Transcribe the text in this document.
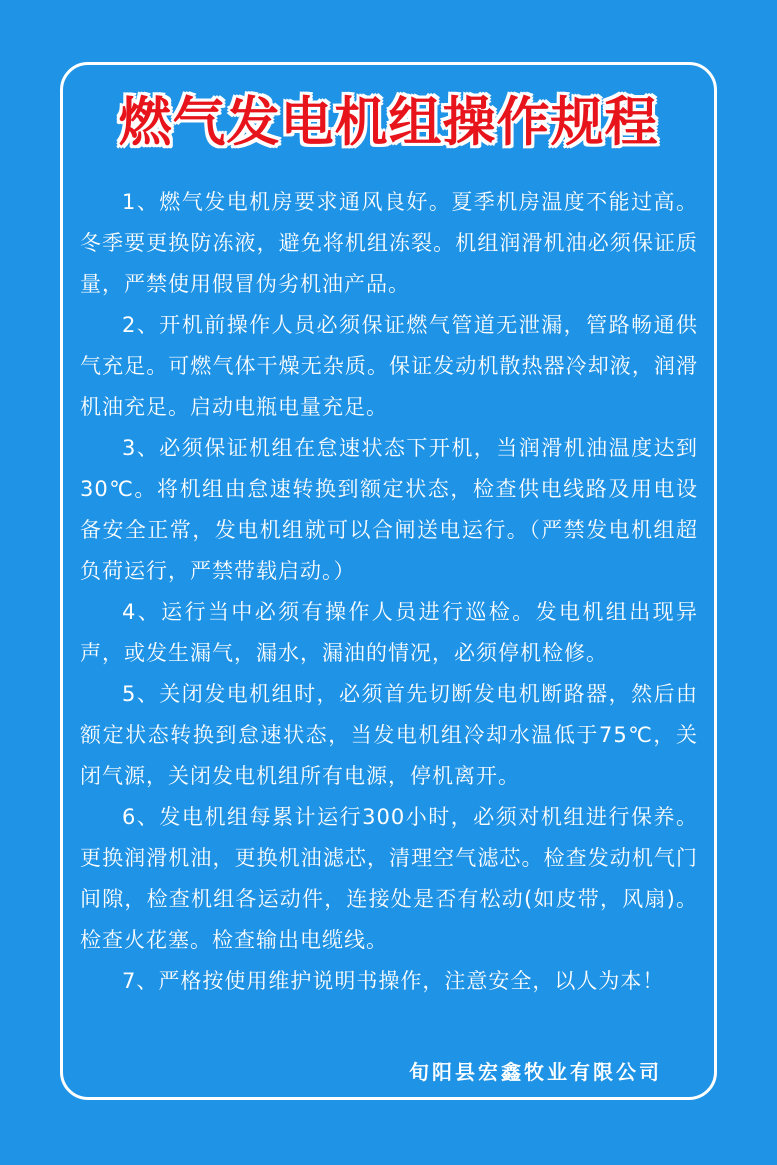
燃气发电机组操作规程

1、燃气发电机房要求通风良好。夏季机房温度不能过高。冬季要更换防冻液，避免将机组冻裂。机组润滑机油必须保证质量，严禁使用假冒伪劣机油产品。

2、开机前操作人员必须保证燃气管道无泄漏，管路畅通供气充足。可燃气体干燥无杂质。保证发动机散热器冷却液，润滑机油充足。启动电瓶电量充足。

3、必须保证机组在怠速状态下开机，当润滑机油温度达到30℃。将机组由怠速转换到额定状态，检查供电线路及用电设备安全正常，发电机组就可以合闸送电运行。（严禁发电机组超负荷运行，严禁带载启动。）

4、运行当中必须有操作人员进行巡检。发电机组出现异声，或发生漏气，漏水，漏油的情况，必须停机检修。

5、关闭发电机组时，必须首先切断发电机断路器，然后由额定状态转换到怠速状态，当发电机组冷却水温低于75℃，关闭气源，关闭发电机组所有电源，停机离开。

6、发电机组每累计运行300小时，必须对机组进行保养。更换润滑机油，更换机油滤芯，清理空气滤芯。检查发动机气门间隙，检查机组各运动件，连接处是否有松动(如皮带，风扇)。检查火花塞。检查输出电缆线。

7、严格按使用维护说明书操作，注意安全，以人为本！

旬阳县宏鑫牧业有限公司
